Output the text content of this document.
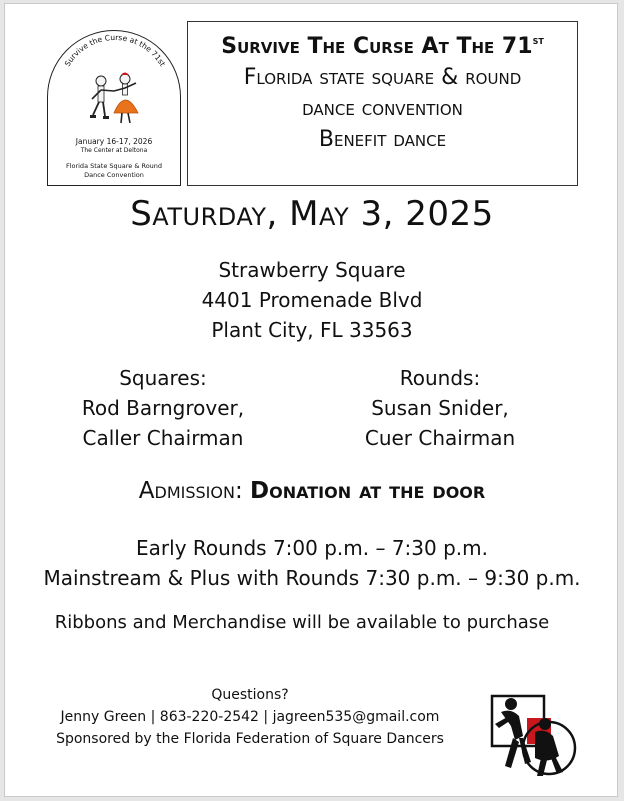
Survive the Curse at the 71st
January 16-17, 2026
The Center at Deltona
Florida State Square & Round
Dance Convention
Survive The Curse At The 71st
Florida state square & round
dance convention
Benefit dance
Saturday, May 3, 2025
Strawberry Square
4401 Promenade Blvd
Plant City, FL 33563
Squares:
Rod Barngrover,
Caller Chairman
Rounds:
Susan Snider,
Cuer Chairman
Admission: Donation at the door
Early Rounds 7:00 p.m. – 7:30 p.m.
Mainstream & Plus with Rounds 7:30 p.m. – 9:30 p.m.
Ribbons and Merchandise will be available to purchase
Questions?
Jenny Green | 863-220-2542 | jagreen535@gmail.com
Sponsored by the Florida Federation of Square Dancers
